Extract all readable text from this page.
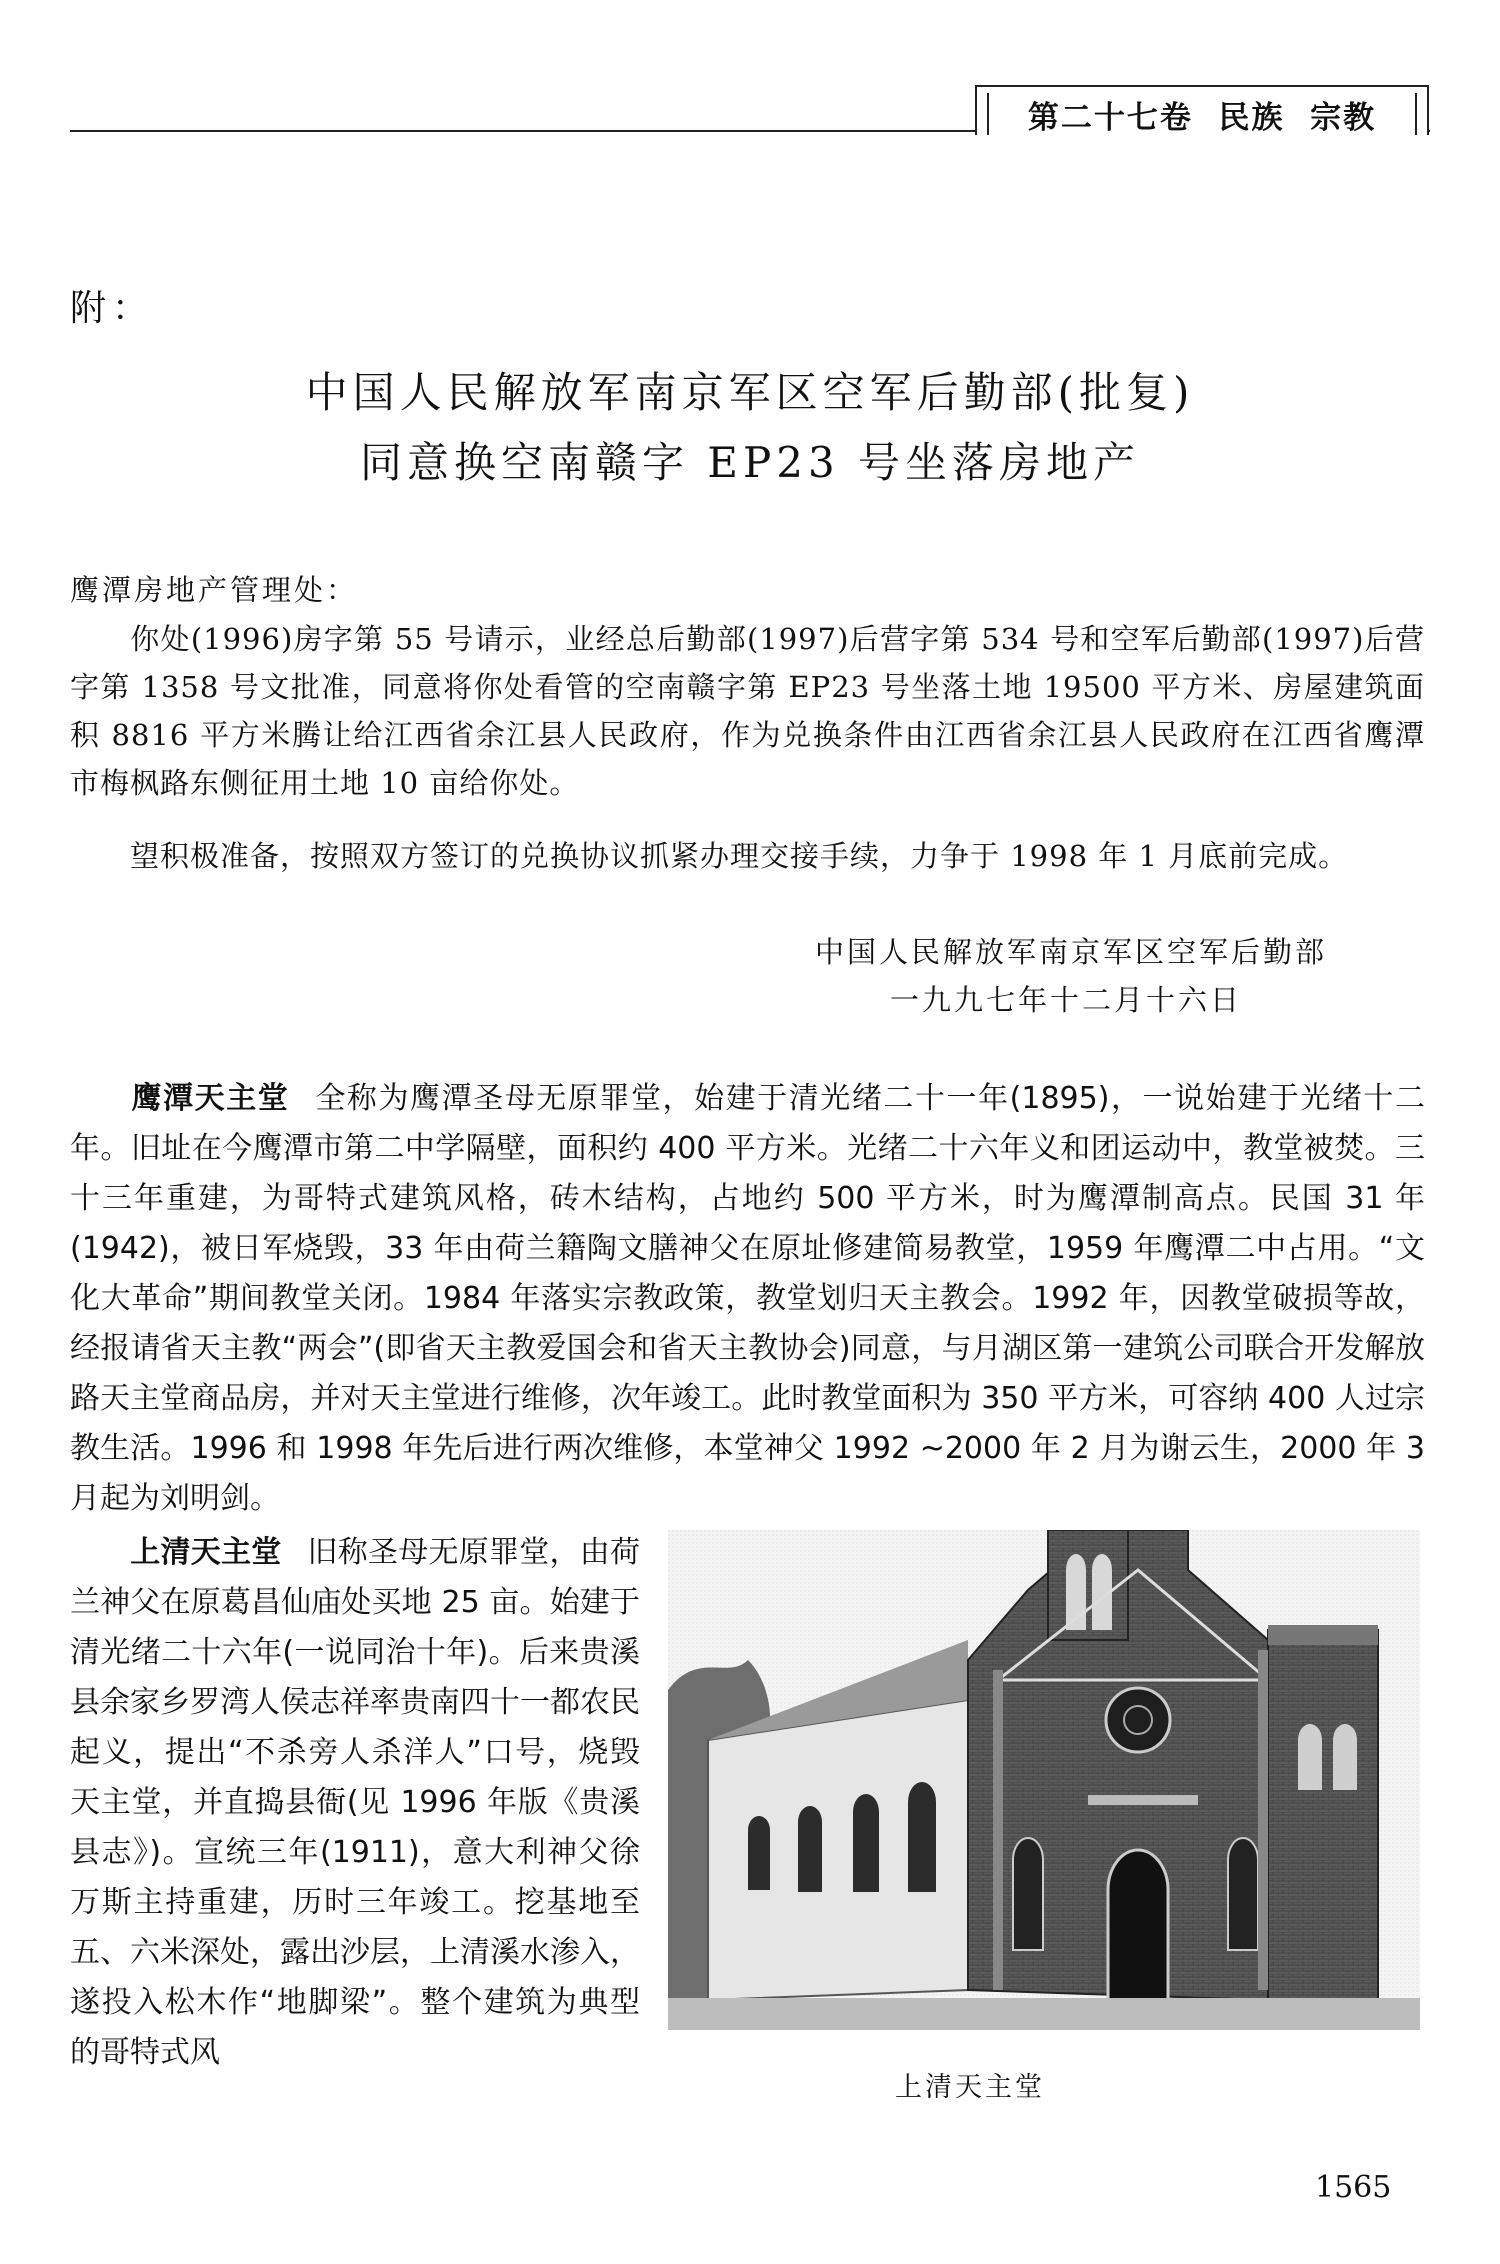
第二十七卷  民族  宗教
附：
中国人民解放军南京军区空军后勤部(批复)
同意换空南赣字 EP23 号坐落房地产
鹰潭房地产管理处：
你处(1996)房字第 55 号请示，业经总后勤部(1997)后营字第 534 号和空军后勤部(1997)后营字第 1358 号文批准，同意将你处看管的空南赣字第 EP23 号坐落土地 19500 平方米、房屋建筑面积 8816 平方米腾让给江西省余江县人民政府，作为兑换条件由江西省余江县人民政府在江西省鹰潭市梅枫路东侧征用土地 10 亩给你处。
望积极准备，按照双方签订的兑换协议抓紧办理交接手续，力争于 1998 年 1 月底前完成。
中国人民解放军南京军区空军后勤部
一九九七年十二月十六日
鹰潭天主堂 全称为鹰潭圣母无原罪堂，始建于清光绪二十一年(1895)，一说始建于光绪十二年。旧址在今鹰潭市第二中学隔壁，面积约 400 平方米。光绪二十六年义和团运动中，教堂被焚。三十三年重建，为哥特式建筑风格，砖木结构，占地约 500 平方米，时为鹰潭制高点。民国 31 年(1942)，被日军烧毁，33 年由荷兰籍陶文膳神父在原址修建简易教堂，1959 年鹰潭二中占用。“文化大革命”期间教堂关闭。1984 年落实宗教政策，教堂划归天主教会。1992 年，因教堂破损等故，经报请省天主教“两会”(即省天主教爱国会和省天主教协会)同意，与月湖区第一建筑公司联合开发解放路天主堂商品房，并对天主堂进行维修，次年竣工。此时教堂面积为 350 平方米，可容纳 400 人过宗教生活。1996 和 1998 年先后进行两次维修，本堂神父 1992 ~2000 年 2 月为谢云生，2000 年 3 月起为刘明剑。
上清天主堂 旧称圣母无原罪堂，由荷兰神父在原葛昌仙庙处买地 25 亩。始建于清光绪二十六年(一说同治十年)。后来贵溪县余家乡罗湾人侯志祥率贵南四十一都农民起义，提出“不杀旁人杀洋人”口号，烧毁天主堂，并直捣县衙(见 1996 年版《贵溪县志》)。宣统三年(1911)，意大利神父徐万斯主持重建，历时三年竣工。挖基地至五、六米深处，露出沙层，上清溪水渗入，遂投入松木作“地脚梁”。整个建筑为典型的哥特式风
上清天主堂
1565
